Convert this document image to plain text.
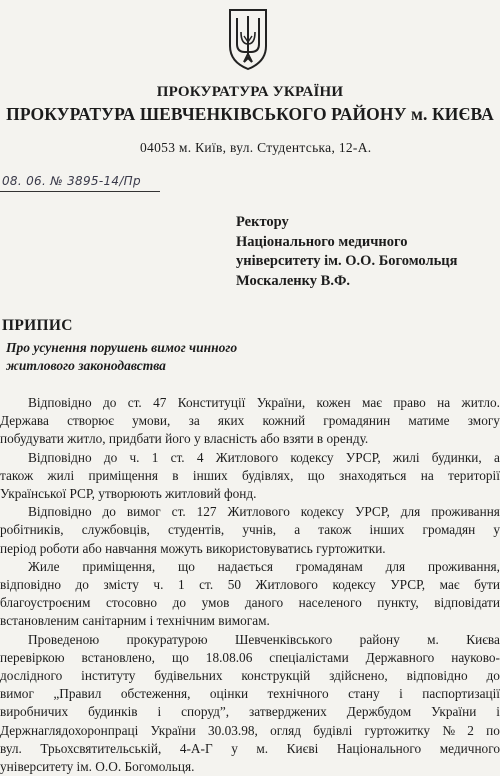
ПРОКУРАТУРА УКРАЇНИ
ПРОКУРАТУРА ШЕВЧЕНКІВСЬКОГО РАЙОНУ м. КИЄВА
04053 м. Київ, вул. Студентська, 12-А.
08. 06. № 3895-14/Пр
Ректору
Національного медичного
університету ім. О.О. Богомольця
Москаленку В.Ф.
ПРИПИС
Про усунення порушень вимог чинного
житлового законодавства
Відповідно до ст. 47 Конституції України, кожен має право на житло.
Держава створює умови, за яких кожний громадянин матиме змогу
побудувати житло, придбати його у власність або взяти в оренду.
Відповідно до ч. 1 ст. 4 Житлового кодексу УРСР, жилі будинки, а
також жилі приміщення в інших будівлях, що знаходяться на території
Української РСР, утворюють житловий фонд.
Відповідно до вимог ст. 127 Житлового кодексу УРСР, для проживання
робітників, службовців, студентів, учнів, а також інших громадян у
період роботи або навчання можуть використовуватись гуртожитки.
Жиле приміщення, що надається громадянам для проживання,
відповідно до змісту ч. 1 ст. 50 Житлового кодексу УРСР, має бути
благоустроєним стосовно до умов даного населеного пункту, відповідати
встановленим санітарним і технічним вимогам.
Проведеною прокуратурою Шевченківського району м. Києва
перевіркою встановлено, що 18.08.06 спеціалістами Державного науково-
дослідного інституту будівельних конструкцій здійснено, відповідно до
вимог „Правил обстеження, оцінки технічного стану і паспортизації
виробничих будинків і споруд”, затверджених Держбудом України і
Держнаглядохоронпраці України 30.03.98, огляд будівлі гуртожитку № 2 по
вул. Трьохсвятительській, 4-А-Г у м. Києві Національного медичного
університету ім. О.О. Богомольця.
